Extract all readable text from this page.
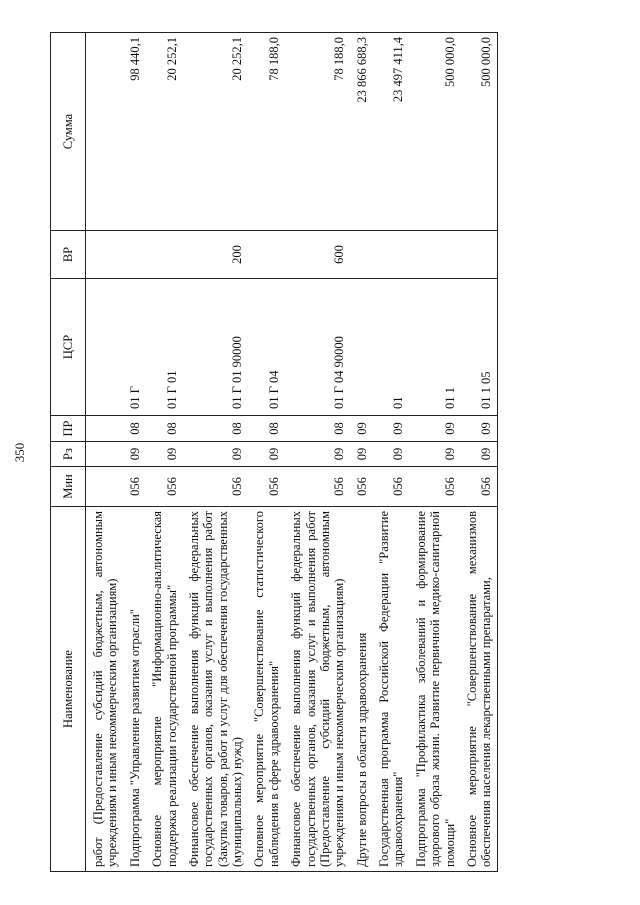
350
Наименование	Мин	Рз	ПР	ЦСР	ВР	Сумма
работ (Предоставление субсидий бюджетным, автономным учреждениям и иным некоммерческим организациям)						
Подпрограмма "Управление развитием отрасли"	056	09	08	01 Г		98 440,1
Основное мероприятие "Информационно-аналитическая поддержка реализации государственной программы"	056	09	08	01 Г 01		20 252,1
Финансовое обеспечение выполнения функций федеральных государственных органов, оказания услуг и выполнения работ (Закупка товаров, работ и услуг для обеспечения государственных (муниципальных) нужд)	056	09	08	01 Г 01 90000	200	20 252,1
Основное мероприятие "Совершенствование статистического наблюдения в сфере здравоохранения"	056	09	08	01 Г 04		78 188,0
Финансовое обеспечение выполнения функций федеральных государственных органов, оказания услуг и выполнения работ (Предоставление субсидий бюджетным, автономным учреждениям и иным некоммерческим организациям)	056	09	08	01 Г 04 90000	600	78 188,0
Другие вопросы в области здравоохранения	056	09	09			23 866 688,3
Государственная программа Российской Федерации "Развитие здравоохранения"	056	09	09	01		23 497 411,4
Подпрограмма "Профилактика заболеваний и формирование здорового образа жизни. Развитие первичной медико-санитарной помощи"	056	09	09	01 1		500 000,0
Основное мероприятие "Совершенствование механизмов обеспечения населения лекарственными препаратами,	056	09	09	01 1 05		500 000,0
